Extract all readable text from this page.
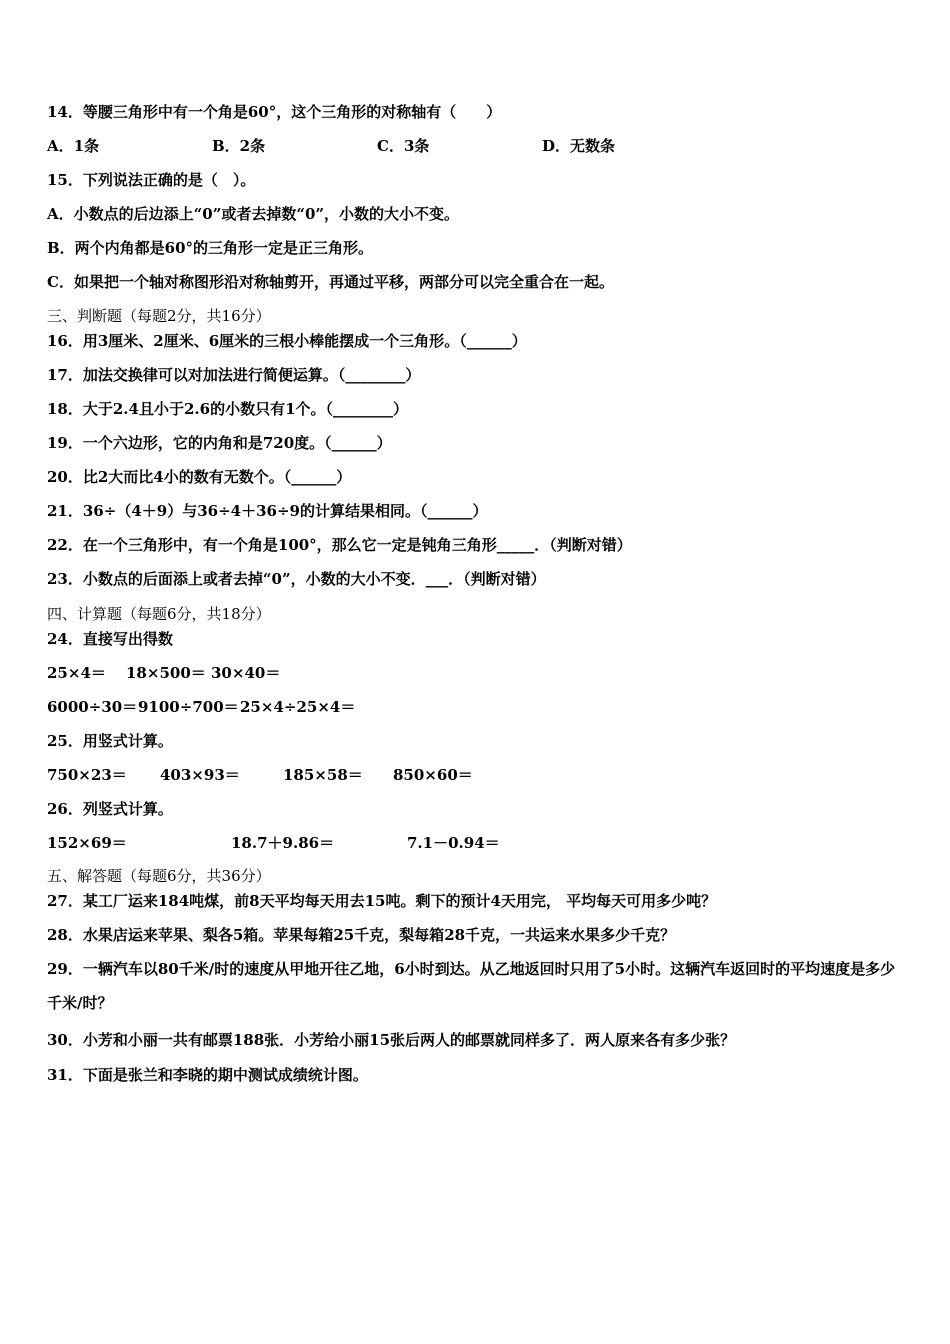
14．等腰三角形中有一个角是60°，这个三角形的对称轴有（　　）
A．1条	B．2条	C．3条	D．无数条
15．下列说法正确的是（　）。
A．小数点的后边添上“0”或者去掉数“0”，小数的大小不变。
B．两个内角都是60°的三角形一定是正三角形。
C．如果把一个轴对称图形沿对称轴剪开，再通过平移，两部分可以完全重合在一起。
三、判断题（每题2分，共16分）
16．用3厘米、2厘米、6厘米的三根小棒能摆成一个三角形。（______）
17．加法交换律可以对加法进行简便运算。（________）
18．大于2.4且小于2.6的小数只有1个。（________）
19．一个六边形，它的内角和是720度。（______）
20．比2大而比4小的数有无数个。（______）
21．36÷（4＋9）与36÷4＋36÷9的计算结果相同。（______）
22．在一个三角形中，有一个角是100°，那么它一定是钝角三角形_____．（判断对错）
23．小数点的后面添上或者去掉“0”，小数的大小不变．___．（判断对错）
四、计算题（每题6分，共18分）
24．直接写出得数
25×4＝ 18×500＝ 30×40＝
6000÷30＝ 9100÷700＝ 25×4÷25×4＝
25．用竖式计算。
750×23＝ 403×93＝	185×58＝ 850×60＝
26．列竖式计算。
152×69＝	18.7＋9.86＝	7.1－0.94＝
五、解答题（每题6分，共36分）
27．某工厂运来184吨煤，前8天平均每天用去15吨。剩下的预计4天用完， 平均每天可用多少吨？
28．水果店运来苹果、梨各5箱。苹果每箱25千克，梨每箱28千克，一共运来水果多少千克？
29．一辆汽车以80千米/时的速度从甲地开往乙地，6小时到达。从乙地返回时只用了5小时。这辆汽车返回时的平均速度是多少千米/时？
30．小芳和小丽一共有邮票188张．小芳给小丽15张后两人的邮票就同样多了．两人原来各有多少张？
31．下面是张兰和李晓的期中测试成绩统计图。
